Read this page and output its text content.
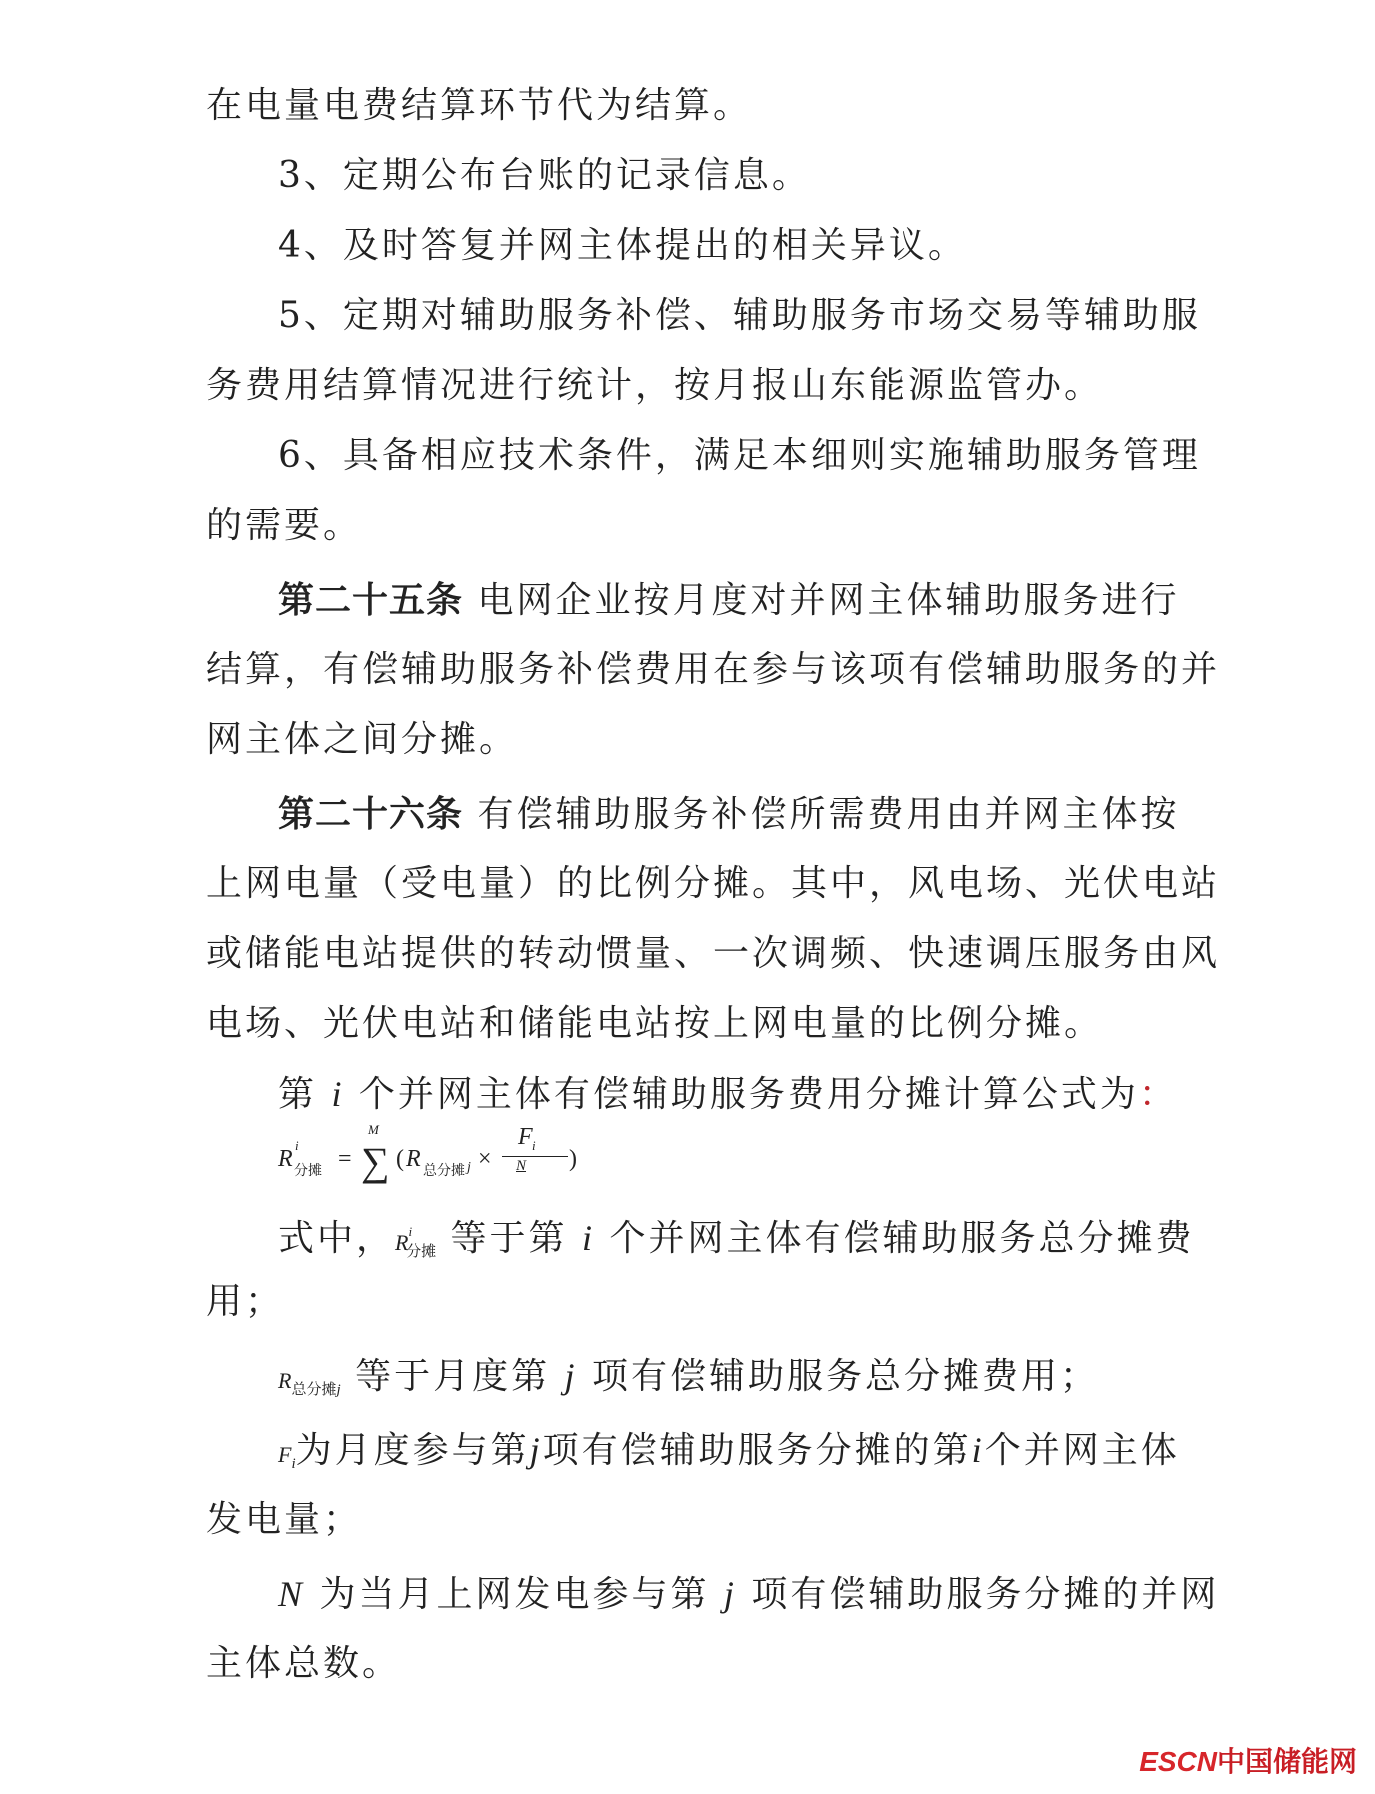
在电量电费结算环节代为结算。
3、定期公布台账的记录信息。
4、及时答复并网主体提出的相关异议。
5、定期对辅助服务补偿、辅助服务市场交易等辅助服
务费用结算情况进行统计，按月报山东能源监管办。
6、具备相应技术条件，满足本细则实施辅助服务管理
的需要。
第二十五条 电网企业按月度对并网主体辅助服务进行
结算，有偿辅助服务补偿费用在参与该项有偿辅助服务的并
网主体之间分摊。
第二十六条 有偿辅助服务补偿所需费用由并网主体按
上网电量（受电量）的比例分摊。其中，风电场、光伏电站
或储能电站提供的转动惯量、一次调频、快速调压服务由风
电场、光伏电站和储能电站按上网电量的比例分摊。
第 i 个并网主体有偿辅助服务费用分摊计算公式为：
R
i
分摊 = ∑
M
( R 总分摊 j ×
F i
N )
式中，$R^i_{分摊}$ 等于第 i 个并网主体有偿辅助服务总分摊费
用；
$R_{总分摊j}$ 等于月度第 j 项有偿辅助服务总分摊费用；
$F_i$为月度参与第j项有偿辅助服务分摊的第i个并网主体
发电量；
N 为当月上网发电参与第 j 项有偿辅助服务分摊的并网
主体总数。
ESCN中国储能网
